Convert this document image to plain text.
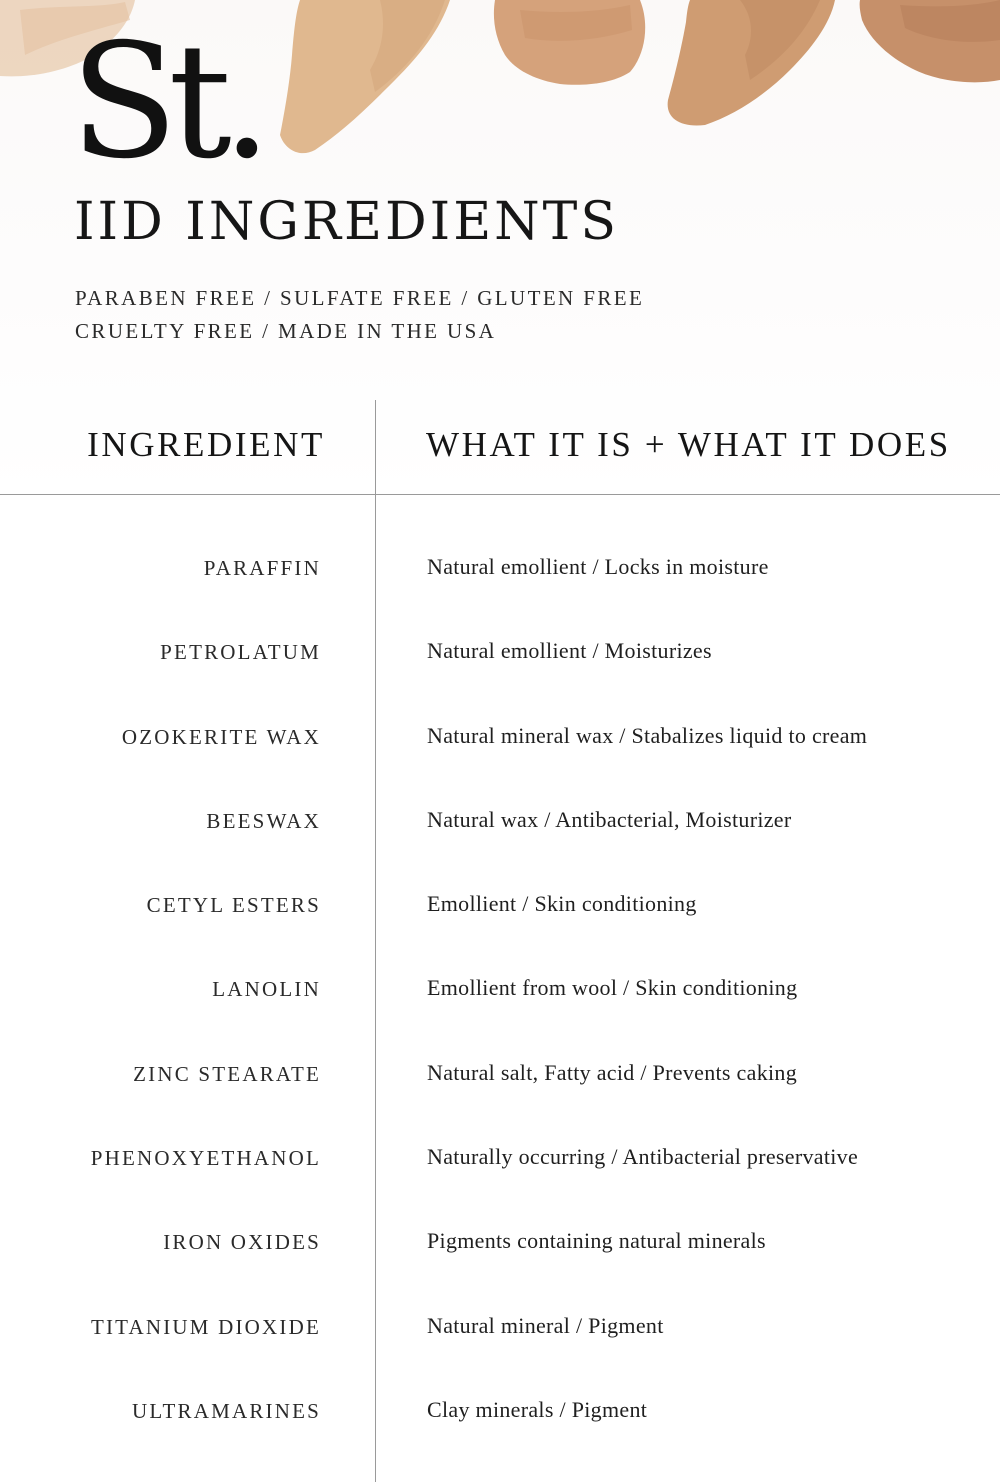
St.
IID INGREDIENTS
PARABEN FREE / SULFATE FREE / GLUTEN FREE
CRUELTY FREE / MADE IN THE USA
INGREDIENT	WHAT IT IS + WHAT IT DOES
PARAFFIN	Natural emollient / Locks in moisture
PETROLATUM	Natural emollient / Moisturizes
OZOKERITE WAX	Natural mineral wax / Stabalizes liquid to cream
BEESWAX	Natural wax / Antibacterial, Moisturizer
CETYL ESTERS	Emollient / Skin conditioning
LANOLIN	Emollient from wool / Skin conditioning
ZINC STEARATE	Natural salt, Fatty acid / Prevents caking
PHENOXYETHANOL	Naturally occurring / Antibacterial preservative
IRON OXIDES	Pigments containing natural minerals
TITANIUM DIOXIDE	Natural mineral / Pigment
ULTRAMARINES	Clay minerals / Pigment
